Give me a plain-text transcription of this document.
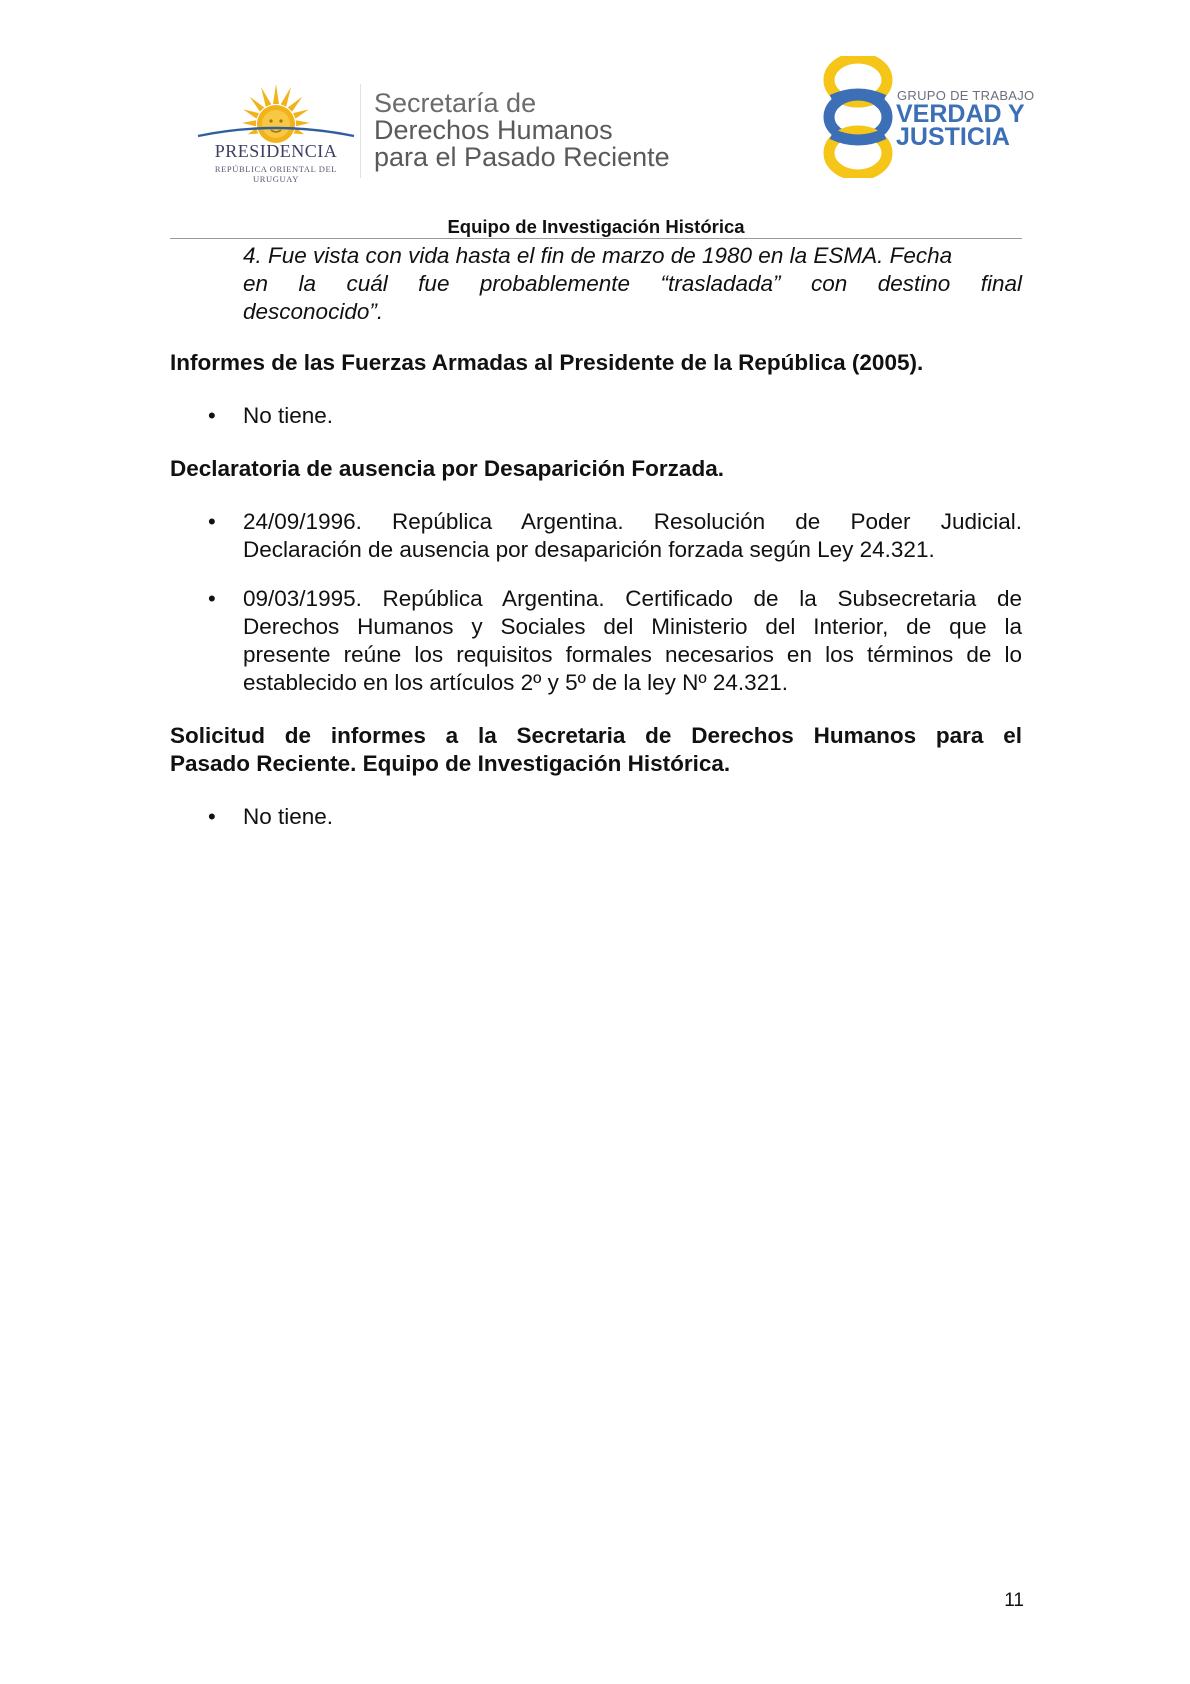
PRESIDENCIA
REPÚBLICA ORIENTAL DEL URUGUAY
Secretaría de
Derechos Humanos
para el Pasado Reciente
GRUPO DE TRABAJO
VERDAD Y
JUSTICIA
Equipo de Investigación Histórica
4. Fue vista con vida hasta el fin de marzo de 1980 en la ESMA. Fecha
en la cuál fue probablemente “trasladada” con destino final
desconocido”.
Informes de las Fuerzas Armadas al Presidente de la República (2005).
• No tiene.
Declaratoria de ausencia por Desaparición Forzada.
• 24/09/1996. República Argentina. Resolución de Poder Judicial.
Declaración de ausencia por desaparición forzada según Ley 24.321.
• 09/03/1995. República Argentina. Certificado de la Subsecretaria de
Derechos Humanos y Sociales del Ministerio del Interior, de que la
presente reúne los requisitos formales necesarios en los términos de lo
establecido en los artículos 2º y 5º de la ley Nº 24.321.
Solicitud de informes a la Secretaria de Derechos Humanos para el
Pasado Reciente. Equipo de Investigación Histórica.
• No tiene.
11
